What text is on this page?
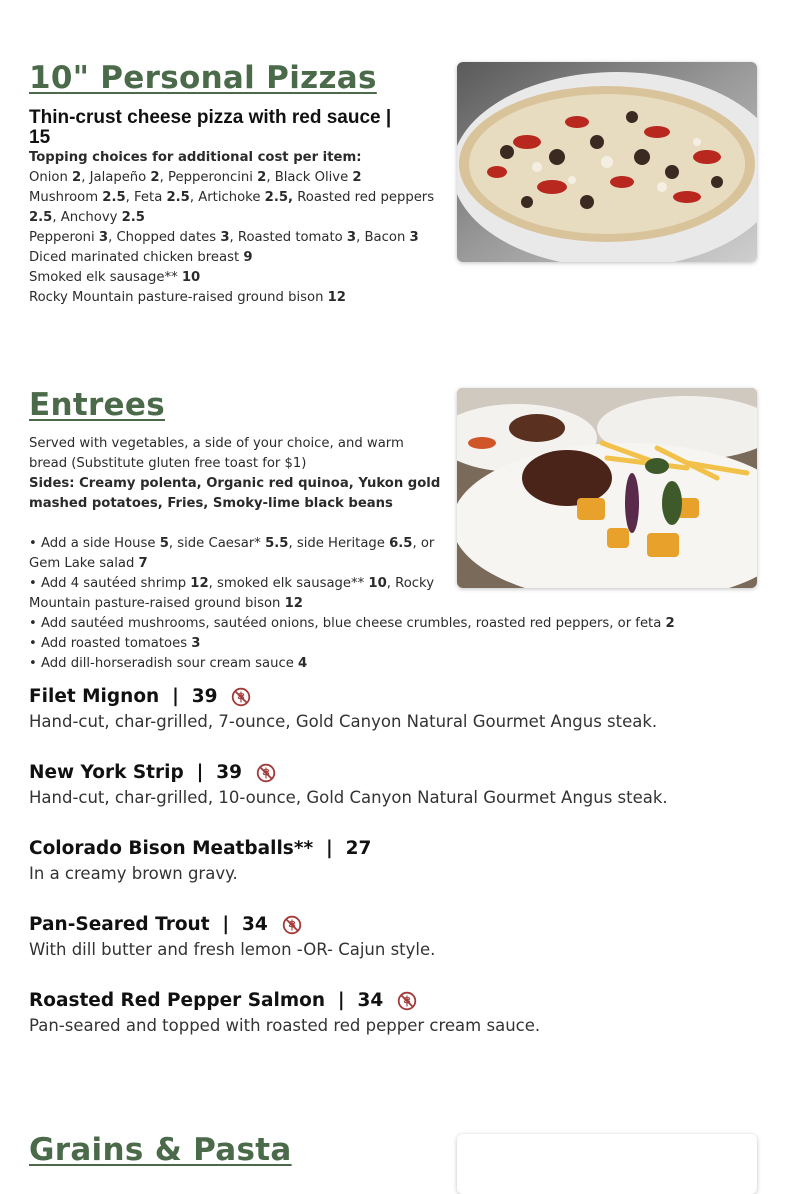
10" Personal Pizzas

Thin-crust cheese pizza with red sauce |
15

Topping choices for additional cost per item:

Onion 2, Jalapeño 2, Pepperoncini 2, Black Olive 2

Mushroom 2.5, Feta 2.5, Artichoke 2.5, Roasted red peppers

2.5, Anchovy 2.5

Pepperoni 3, Chopped dates 3, Roasted tomato 3, Bacon 3

Diced marinated chicken breast 9

Smoked elk sausage** 10

Rocky Mountain pasture-raised ground bison 12

Entrees

Served with vegetables, a side of your choice, and warm
bread (Substitute gluten free toast for $1)

Sides: Creamy polenta, Organic red quinoa, Yukon gold
mashed potatoes, Fries, Smoky-lime black beans

• Add a side House 5, side Caesar* 5.5, side Heritage 6.5, or

Gem Lake salad 7

• Add 4 sautéed shrimp 12, smoked elk sausage** 10, Rocky

Mountain pasture-raised ground bison 12

• Add sautéed mushrooms, sautéed onions, blue cheese crumbles, roasted red peppers, or feta 2

• Add roasted tomatoes 3

• Add dill-horseradish sour cream sauce 4

Filet Mignon  |  39
Hand-cut, char-grilled, 7-ounce, Gold Canyon Natural Gourmet Angus steak.
New York Strip  |  39
Hand-cut, char-grilled, 10-ounce, Gold Canyon Natural Gourmet Angus steak.
Colorado Bison Meatballs**  |  27
In a creamy brown gravy.
Pan-Seared Trout  |  34
With dill butter and fresh lemon -OR- Cajun style.
Roasted Red Pepper Salmon  |  34
Pan-seared and topped with roasted red pepper cream sauce.
Grains & Pasta
